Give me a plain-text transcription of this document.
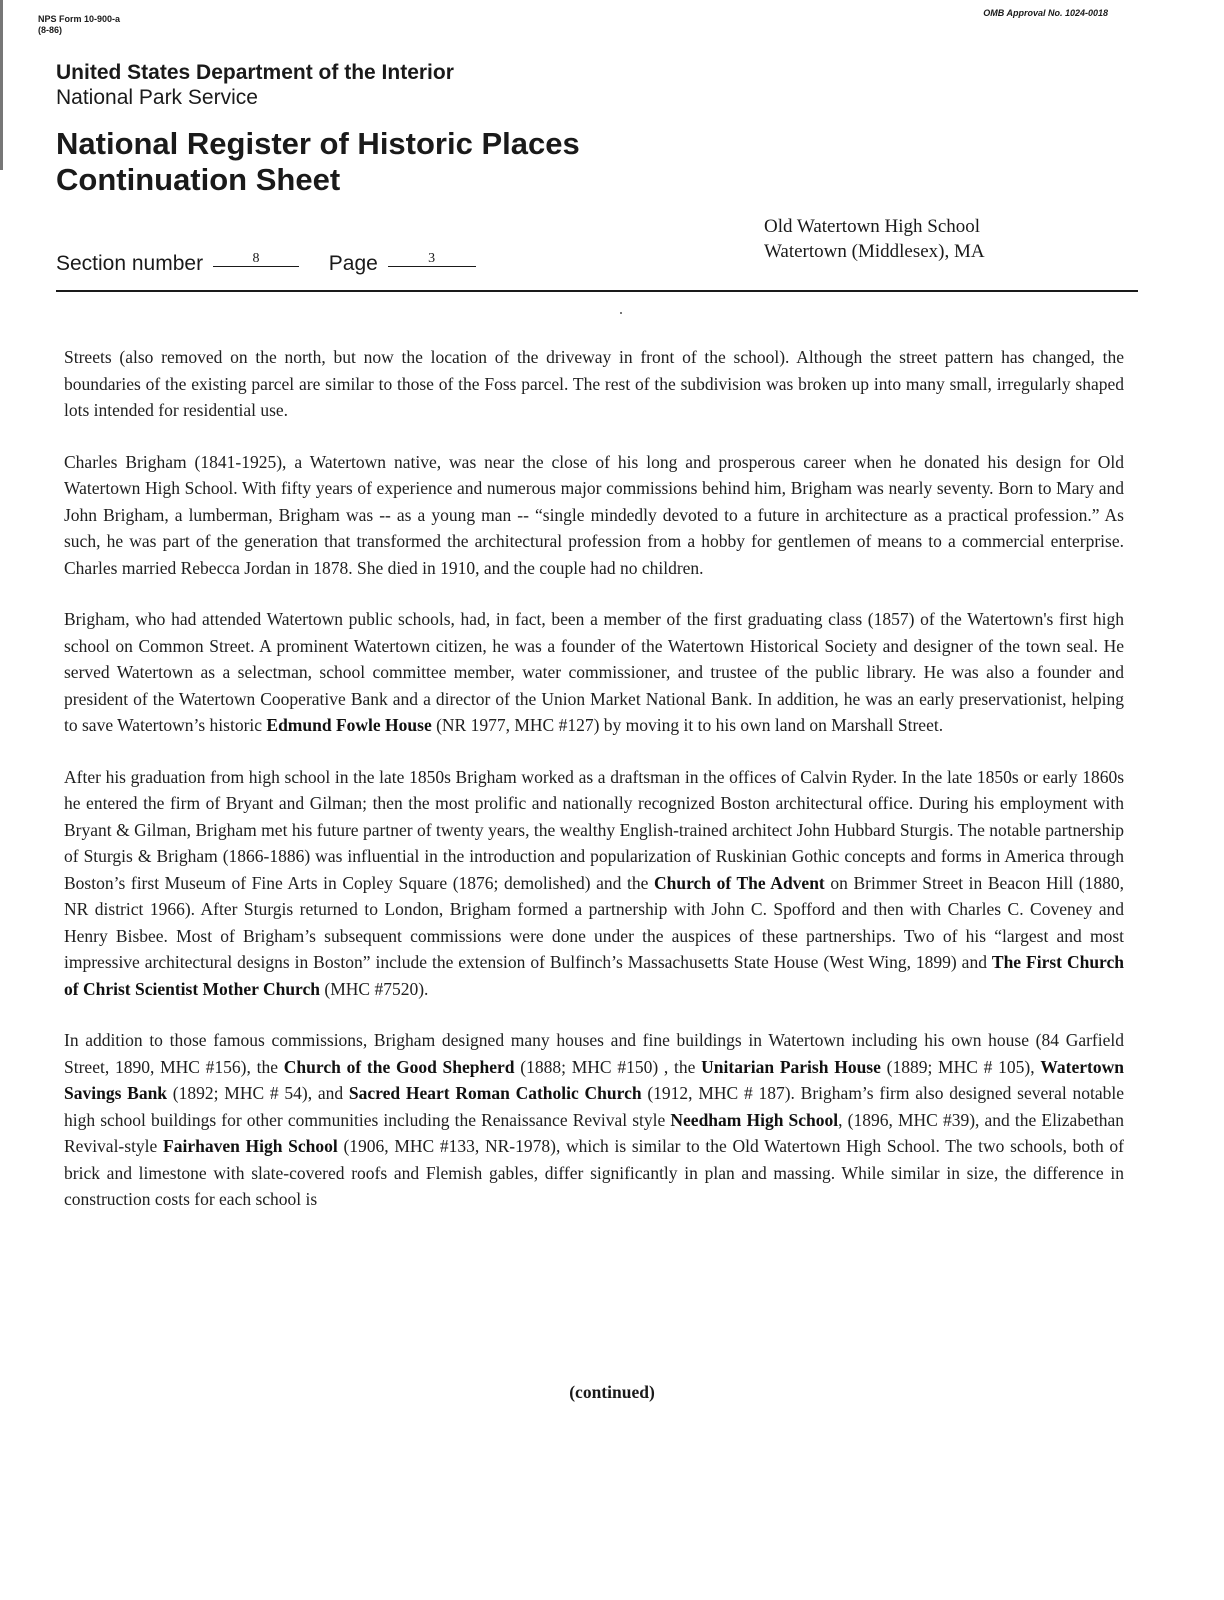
NPS Form 10-900-a
(8-86)
OMB Approval No. 1024-0018
United States Department of the Interior
National Park Service
National Register of Historic Places
Continuation Sheet
Old Watertown High School
Watertown (Middlesex), MA
Section number	8	Page	3

Streets (also removed on the north, but now the location of the driveway in front of the school). Although the street pattern has changed, the boundaries of the existing parcel are similar to those of the Foss parcel. The rest of the subdivision was broken up into many small, irregularly shaped lots intended for residential use.

Charles Brigham (1841-1925), a Watertown native, was near the close of his long and prosperous career when he donated his design for Old Watertown High School. With fifty years of experience and numerous major commissions behind him, Brigham was nearly seventy. Born to Mary and John Brigham, a lumberman, Brigham was -- as a young man -- “single mindedly devoted to a future in architecture as a practical profession.” As such, he was part of the generation that transformed the architectural profession from a hobby for gentlemen of means to a commercial enterprise. Charles married Rebecca Jordan in 1878. She died in 1910, and the couple had no children.

Brigham, who had attended Watertown public schools, had, in fact, been a member of the first graduating class (1857) of the Watertown's first high school on Common Street. A prominent Watertown citizen, he was a founder of the Watertown Historical Society and designer of the town seal. He served Watertown as a selectman, school committee member, water commissioner, and trustee of the public library. He was also a founder and president of the Watertown Cooperative Bank and a director of the Union Market National Bank. In addition, he was an early preservationist, helping to save Watertown’s historic Edmund Fowle House (NR 1977, MHC #127) by moving it to his own land on Marshall Street.

After his graduation from high school in the late 1850s Brigham worked as a draftsman in the offices of Calvin Ryder. In the late 1850s or early 1860s he entered the firm of Bryant and Gilman; then the most prolific and nationally recognized Boston architectural office. During his employment with Bryant & Gilman, Brigham met his future partner of twenty years, the wealthy English-trained architect John Hubbard Sturgis. The notable partnership of Sturgis & Brigham (1866-1886) was influential in the introduction and popularization of Ruskinian Gothic concepts and forms in America through Boston’s first Museum of Fine Arts in Copley Square (1876; demolished) and the Church of The Advent on Brimmer Street in Beacon Hill (1880, NR district 1966). After Sturgis returned to London, Brigham formed a partnership with John C. Spofford and then with Charles C. Coveney and Henry Bisbee. Most of Brigham’s subsequent commissions were done under the auspices of these partnerships. Two of his “largest and most impressive architectural designs in Boston” include the extension of Bulfinch’s Massachusetts State House (West Wing, 1899) and The First Church of Christ Scientist Mother Church (MHC #7520).

In addition to those famous commissions, Brigham designed many houses and fine buildings in Watertown including his own house (84 Garfield Street, 1890, MHC #156), the Church of the Good Shepherd (1888; MHC #150) , the Unitarian Parish House (1889; MHC # 105), Watertown Savings Bank (1892; MHC # 54), and Sacred Heart Roman Catholic Church (1912, MHC # 187). Brigham’s firm also designed several notable high school buildings for other communities including the Renaissance Revival style Needham High School, (1896, MHC #39), and the Elizabethan Revival-style Fairhaven High School (1906, MHC #133, NR-1978), which is similar to the Old Watertown High School. The two schools, both of brick and limestone with slate-covered roofs and Flemish gables, differ significantly in plan and massing. While similar in size, the difference in construction costs for each school is

(continued)
